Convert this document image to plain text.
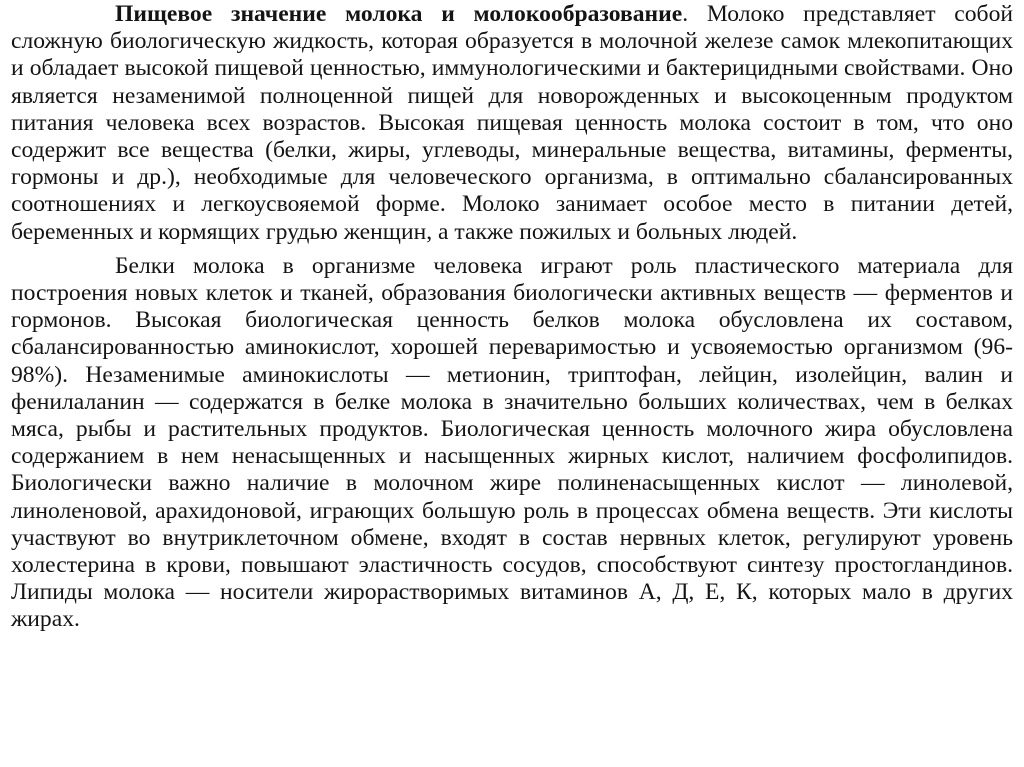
Пищевое значение молока и молокообразование. Молоко представляет собой сложную биологическую жидкость, которая образуется в молочной железе самок млекопитающих и обладает высокой пищевой ценностью, иммунологическими и бактерицидными свойствами. Оно является незаменимой полноценной пищей для новорожденных и высокоценным продуктом питания человека всех возрастов. Высокая пищевая ценность молока состоит в том, что оно содержит все вещества (белки, жиры, углеводы, минеральные вещества, витамины, ферменты, гормоны и др.), необходимые для человеческого организма, в оптимально сбалансированных соотношениях и легкоусвояемой форме. Молоко занимает особое место в питании детей, беременных и кормящих грудью женщин, а также пожилых и больных людей.

Белки молока в организме человека играют роль пластического материала для построения новых клеток и тканей, образования биологически активных веществ — ферментов и гормонов. Высокая биологическая ценность белков молока обусловлена их составом, сбалансированностью аминокислот, хорошей переваримостью и усвояемостью организмом (96-98%). Незаменимые аминокислоты — метионин, триптофан, лейцин, изолейцин, валин и фенилаланин — содержатся в белке молока в значительно больших количествах, чем в белках мяса, рыбы и растительных продуктов. Биологическая ценность молочного жира обусловлена содержанием в нем ненасыщенных и насыщенных жирных кислот, наличием фосфолипидов. Биологически важно наличие в молочном жире полиненасыщенных кислот — линолевой, линоленовой, арахидоновой, играющих большую роль в процессах обмена веществ. Эти кислоты участвуют во внутриклеточном обмене, входят в состав нервных клеток, регулируют уровень холестерина в крови, повышают эластичность сосудов, способствуют синтезу простогландинов. Липиды молока — носители жирорастворимых витаминов А, Д, Е, К, которых мало в других жирах.
